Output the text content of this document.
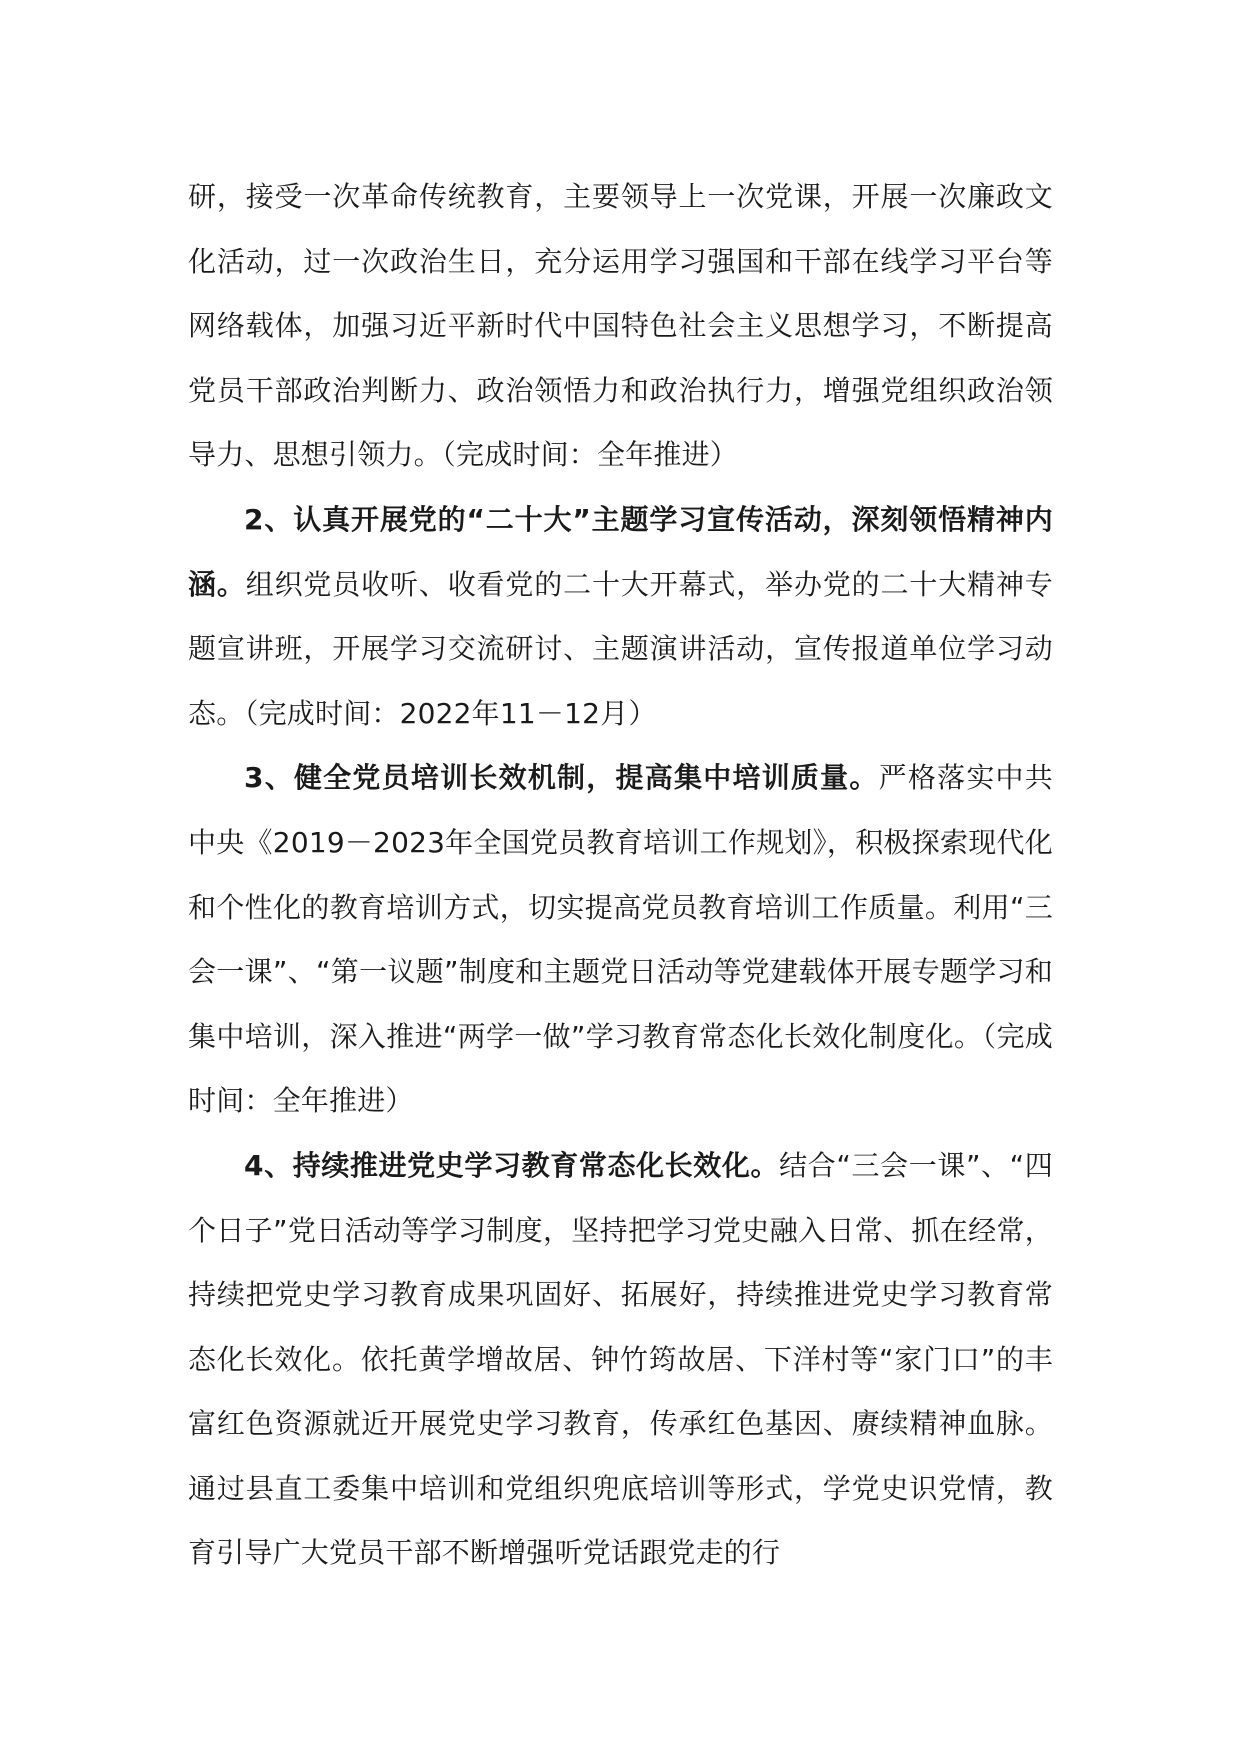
研，接受一次革命传统教育，主要领导上一次党课，开展一次廉政文化活动，过一次政治生日，充分运用学习强国和干部在线学习平台等网络载体，加强习近平新时代中国特色社会主义思想学习，不断提高党员干部政治判断力、政治领悟力和政治执行力，增强党组织政治领导力、思想引领力。（完成时间：全年推进）

2、认真开展党的“二十大”主题学习宣传活动，深刻领悟精神内涵。组织党员收听、收看党的二十大开幕式，举办党的二十大精神专题宣讲班，开展学习交流研讨、主题演讲活动，宣传报道单位学习动态。（完成时间：2022年11－12月）

3、健全党员培训长效机制，提高集中培训质量。严格落实中共中央《2019－2023年全国党员教育培训工作规划》，积极探索现代化和个性化的教育培训方式，切实提高党员教育培训工作质量。利用“三会一课”、“第一议题”制度和主题党日活动等党建载体开展专题学习和集中培训，深入推进“两学一做”学习教育常态化长效化制度化。（完成时间：全年推进）

4、持续推进党史学习教育常态化长效化。结合“三会一课”、“四个日子”党日活动等学习制度，坚持把学习党史融入日常、抓在经常，持续把党史学习教育成果巩固好、拓展好，持续推进党史学习教育常态化长效化。依托黄学增故居、钟竹筠故居、下洋村等“家门口”的丰富红色资源就近开展党史学习教育，传承红色基因、赓续精神血脉。通过县直工委集中培训和党组织兜底培训等形式，学党史识党情，教育引导广大党员干部不断增强听党话跟党走的行
